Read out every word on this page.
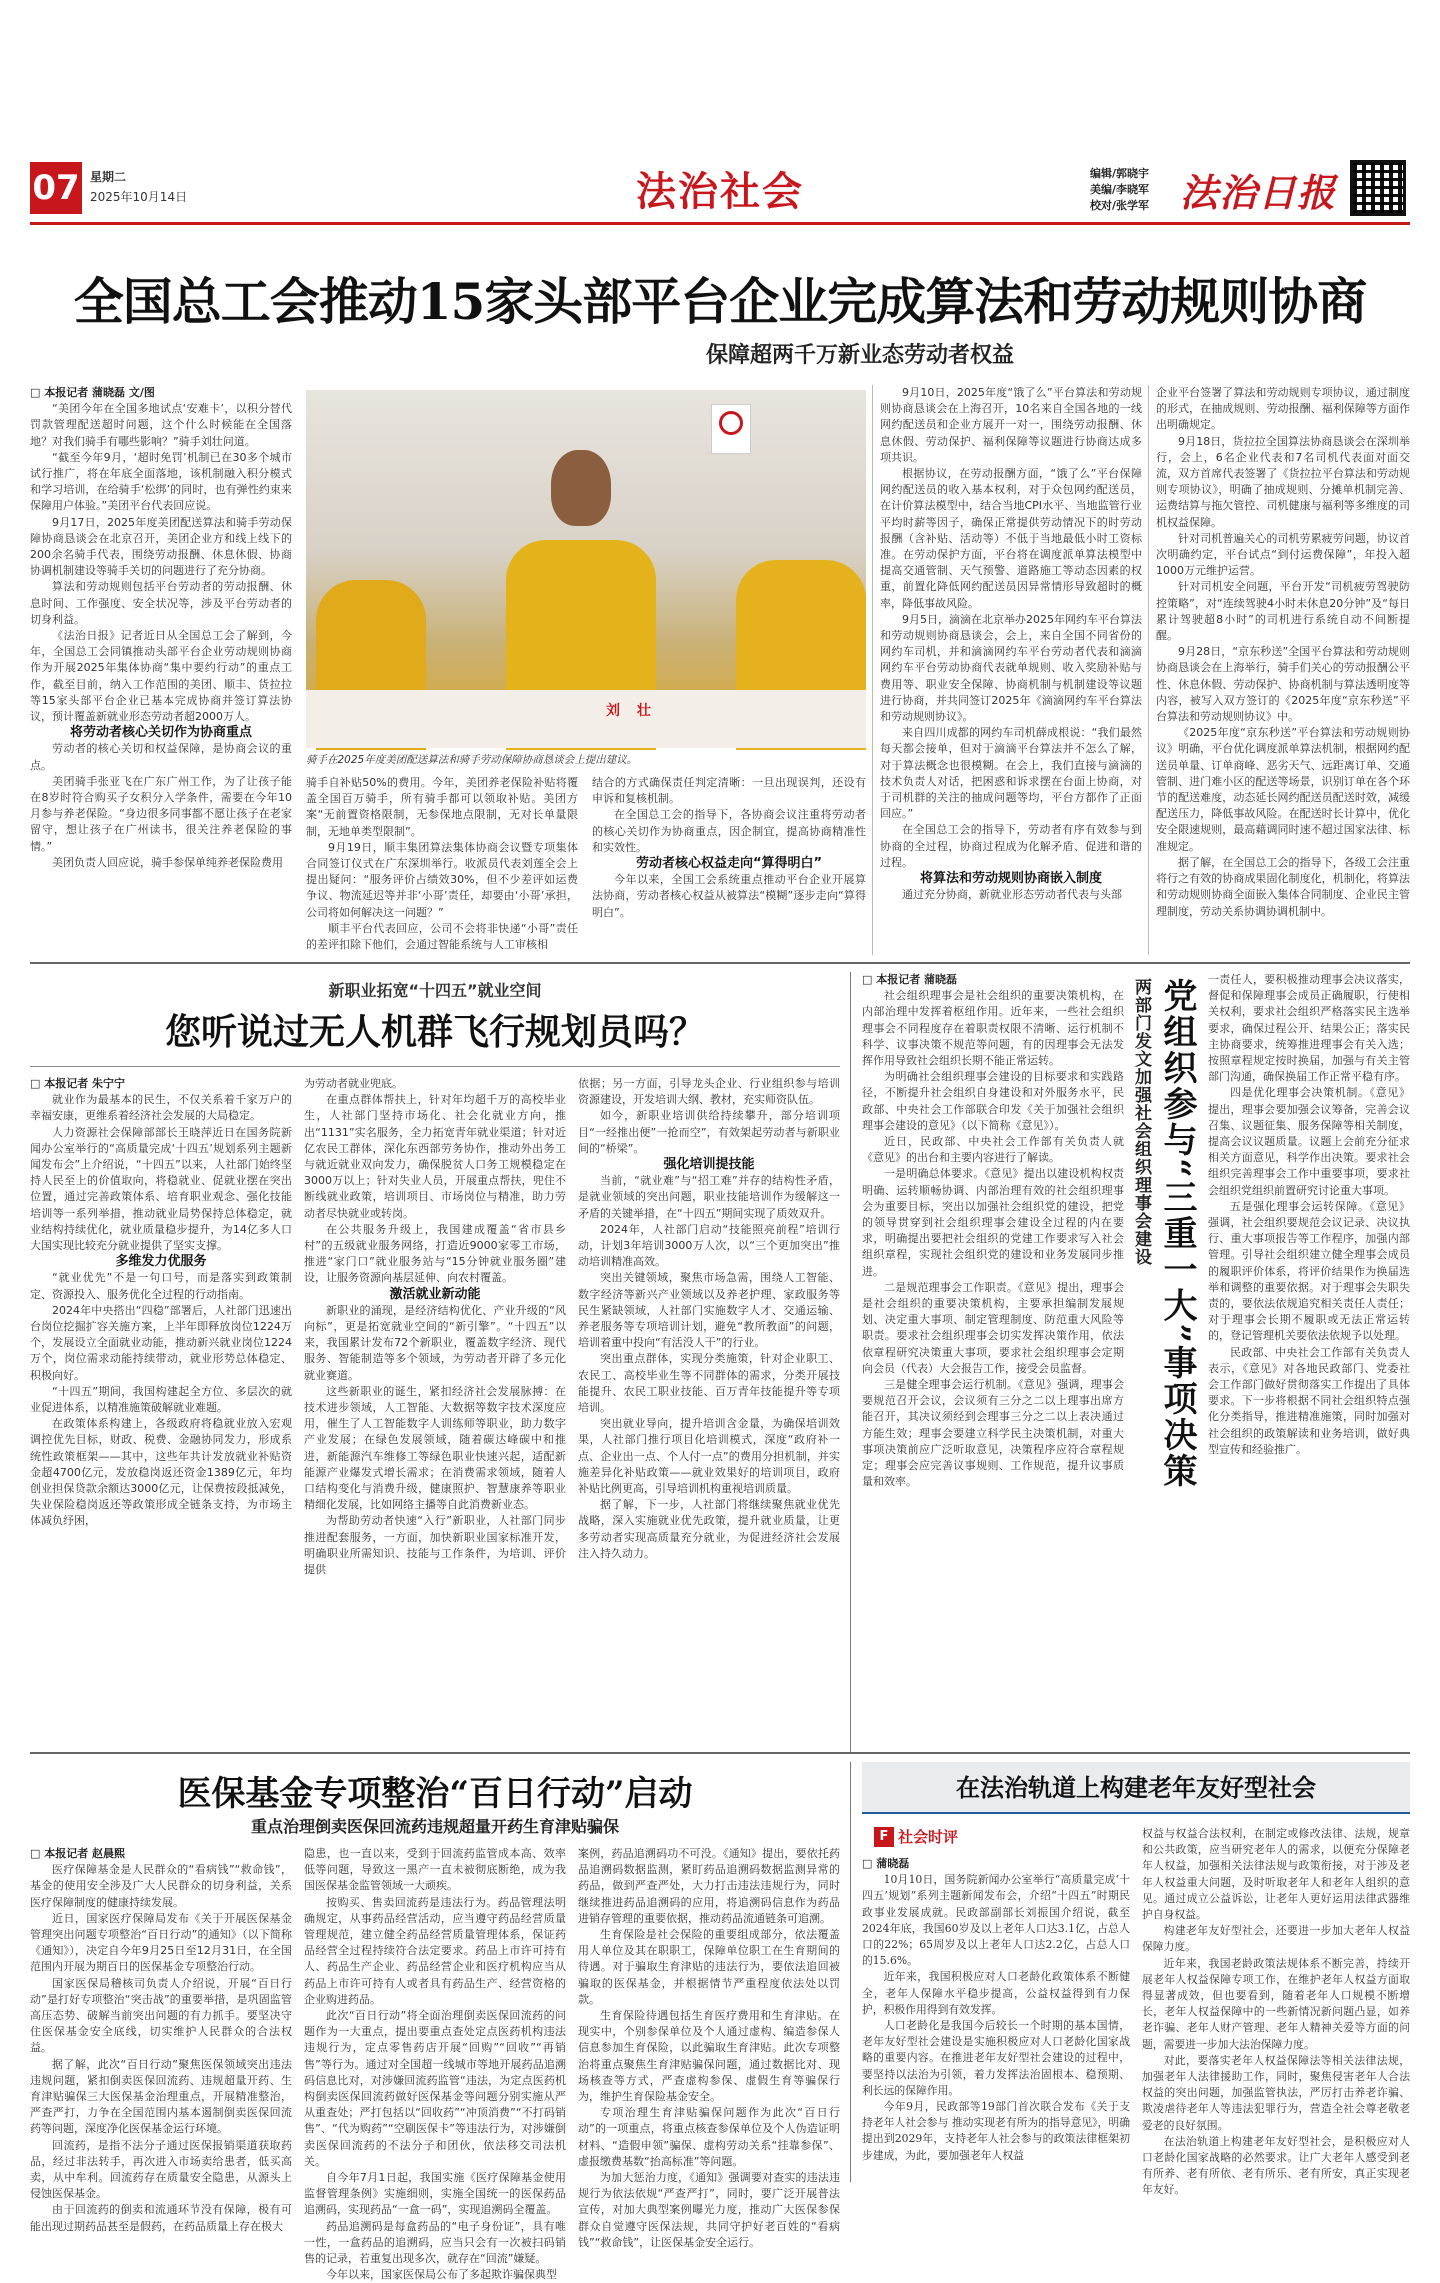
07 星期二
2025年10月14日	法治社会	编辑/郭晓宇
美编/李晓军
校对/张学军 法治日报
全国总工会推动15家头部平台企业完成算法和劳动规则协商
保障超两千万新业态劳动者权益

□ 本报记者 蒲晓磊 文/图

“美团今年在全国多地试点‘安难卡’，以积分替代罚款管理配送超时问题，这个什么时候能在全国落地？对我们骑手有哪些影响？”骑手刘壮问道。

“截至今年9月，‘超时免罚’机制已在30多个城市试行推广，将在年底全面落地，该机制融入积分模式和学习培训，在给骑手‘松绑’的同时，也有弹性约束来保障用户体验。”美团平台代表回应说。

9月17日，2025年度美团配送算法和骑手劳动保障协商恳谈会在北京召开，美团企业方和线上线下的200余名骑手代表，围绕劳动报酬、休息休假、协商协调机制建设等骑手关切的问题进行了充分协商。

算法和劳动规则包括平台劳动者的劳动报酬、休息时间、工作强度、安全状况等，涉及平台劳动者的切身利益。

《法治日报》记者近日从全国总工会了解到，今年，全国总工会同镇推动头部平台企业劳动规则协商作为开展2025年集体协商“集中要约行动”的重点工作，截至目前，纳入工作范围的美团、顺丰、货拉拉等15家头部平台企业已基本完成协商并签订算法协议，预计覆盖新就业形态劳动者超2000万人。

将劳动者核心关切作为协商重点

劳动者的核心关切和权益保障，是协商会议的重点。

美团骑手张亚飞在广东广州工作，为了让孩子能在8岁时符合购买子女积分入学条件，需要在今年10月参与养老保险。“身边很多同事都不愿让孩子在老家留守，想让孩子在广州读书，很关注养老保险的事情。”

美团负责人回应说，骑手参保单纯养老保险费用

刘 壮
骑手在2025年度美团配送算法和骑手劳动保障协商恳谈会上提出建议。

骑手自补贴50%的费用。今年，美团养老保险补贴将覆盖全国百万骑手，所有骑手都可以领取补贴。美团方案“无前置资格限制，无参保地点限制，无对长单量限制，无地单类型限制”。

9月19日，顺丰集团算法集体协商会议暨专项集体合同签订仪式在广东深圳举行。收派员代表刘莲全会上提出疑问：“服务评价占绩效30%，但不少差评如运费争议、物流延迟等并非‘小哥’责任，却要由‘小哥’承担，公司将如何解决这一问题？”

顺丰平台代表回应，公司不会将非快递“小哥”责任的差评扣除下他们，会通过智能系统与人工审核相

结合的方式确保责任判定清晰：一旦出现误判，还设有申诉和复核机制。

在全国总工会的指导下，各协商会议注重将劳动者的核心关切作为协商重点，因企制宜，提高协商精准性和实效性。

劳动者核心权益走向“算得明白”

今年以来，全国工会系统重点推动平台企业开展算法协商，劳动者核心权益从被算法“模糊”逐步走向“算得明白”。

9月10日，2025年度“饿了么”平台算法和劳动规则协商恳谈会在上海召开，10名来自全国各地的一线网约配送员和企业方展开一对一，围绕劳动报酬、休息休假、劳动保护、福利保障等议题进行协商达成多项共识。

根据协议，在劳动报酬方面，“饿了么”平台保障网约配送员的收入基本权利，对于众包网约配送员，在计价算法模型中，结合当地CPI水平、当地监管行业平均时薪等因子，确保正常提供劳动情况下的时劳动报酬（含补贴、活动等）不低于当地最低小时工资标准。在劳动保护方面，平台将在调度派单算法模型中提高交通管制、天气预警、道路施工等动态因素的权重，前置化降低网约配送员因异常情形导致超时的概率，降低事故风险。

9月5日，滴滴在北京举办2025年网约车平台算法和劳动规则协商恳谈会，会上，来自全国不同省份的网约车司机，并和滴滴网约车平台劳动者代表和滴滴网约车平台劳动协商代表就单规则、收入奖励补贴与费用等、职业安全保障、协商机制与机制建设等议题进行协商，并共同签订2025年《滴滴网约车平台算法和劳动规则协议》。

来自四川成都的网约车司机薛成根说：“我们最然每天都会接单，但对于滴滴平台算法并不怎么了解，对于算法概念也很模糊。在会上，我们直接与滴滴的技术负责人对话，把困惑和诉求摆在台面上协商，对于司机群的关注的抽成问题等均，平台方都作了正面回应。”

在全国总工会的指导下，劳动者有序有效参与到协商的全过程，协商过程成为化解矛盾、促进和谐的过程。

将算法和劳动规则协商嵌入制度

通过充分协商，新就业形态劳动者代表与头部

企业平台签署了算法和劳动规则专项协议，通过制度的形式，在抽成规则、劳动报酬、福利保障等方面作出明确规定。

9月18日，货拉拉全国算法协商恳谈会在深圳举行，会上，6名企业代表和7名司机代表面对面交流，双方首席代表签署了《货拉拉平台算法和劳动规则专项协议》，明确了抽成规则、分摊单机制完善、运费结算与拖欠管控、司机健康与福利等多维度的司机权益保障。

针对司机普遍关心的司机劳累疲劳问题，协议首次明确约定，平台试点“到付运费保障”，年投入超1000万元维护运营。

针对司机安全问题，平台开发“司机疲劳驾驶防控策略”，对“连续驾驶4小时未休息20分钟”及“每日累计驾驶超8小时”的司机进行系统自动不间断提醒。

9月28日，“京东秒送”全国平台算法和劳动规则协商恳谈会在上海举行，骑手们关心的劳动报酬公平性、休息休假、劳动保护、协商机制与算法透明度等内容，被写入双方签订的《2025年度“京东秒送”平台算法和劳动规则协议》中。

《2025年度“京东秒送”平台算法和劳动规则协议》明确，平台优化调度派单算法机制，根据网约配送员单量、订单商峰、恶劣天气、远距离订单、交通管制、进门难小区的配送等场景，识别订单在各个环节的配送难度，动态延长网约配送员配送时效，减缓配送压力，降低事故风险。在配送时长计算中，优化安全限速规则，最高藉调同时速不超过国家法律、标准规定。

据了解，在全国总工会的指导下，各级工会注重将行之有效的协商成果固化制度化，机制化，将算法和劳动规则协商全面嵌入集体合同制度、企业民主管理制度，劳动关系协调协调机制中。

新职业拓宽“十四五”就业空间
您听说过无人机群飞行规划员吗？

□ 本报记者 朱宁宁

就业作为最基本的民生，不仅关系着千家万户的幸福安康，更维系着经济社会发展的大局稳定。

人力资源社会保障部部长王晓萍近日在国务院新闻办公室举行的“高质量完成‘十四五’规划系列主题新闻发布会”上介绍说，“十四五”以来，人社部门始终坚持人民至上的价值取向，将稳就业、促就业摆在突出位置，通过完善政策体系、培育职业观念、强化技能培训等一系列举措，推动就业局势保持总体稳定，就业结构持续优化，就业质量稳步提升，为14亿多人口大国实现比较充分就业提供了坚实支撑。

多维发力优服务

“就业优先”不是一句口号，而是落实到政策制定、资源投入、服务优化全过程的行动指南。

2024年中央搭出“四稳”部署后，人社部门迅速出台岗位挖掘扩容关施方案，上半年即释放岗位1224万个，发展设立全面就业动能，推动新兴就业岗位1224万个，岗位需求动能持续带动，就业形势总体稳定、积极向好。

“十四五”期间，我国构建起全方位、多层次的就业促进体系，以精准施策破解就业难题。

在政策体系构建上，各级政府将稳就业放入宏观调控优先目标，财政、税费、金融协同发力，形成系统性政策框架——其中，这些年共计发放就业补贴资金超4700亿元，发放稳岗返还资金1389亿元，年均创业担保贷款余额达3000亿元，让保费按段抵减免，失业保险稳岗返还等政策形成全链条支持，为市场主体减负纾困，

为劳动者就业兜底。

在重点群体帮扶上，针对年均超千万的高校毕业生，人社部门坚持市场化、社会化就业方向，推出“1131”实名服务，全力拓宽青年就业渠道；针对近亿农民工群体，深化东西部劳务协作，推动外出务工与就近就业双向发力，确保脱贫人口务工规模稳定在3000万以上；针对失业人员，开展重点帮扶，兜住不断线就业政策，培训项目、市场岗位与精准，助力劳动者尽快就业或转岗。

在公共服务升级上，我国建成覆盖“省市县乡村”的五级就业服务网络，打造近9000家零工市场，推进“家门口”就业服务站与“15分钟就业服务圈”建设，让服务资源向基层延伸、向农村覆盖。

激活就业新动能

新职业的涌现，是经济结构优化、产业升级的“风向标”，更是拓宽就业空间的“新引擎”。“十四五”以来，我国累计发布72个新职业，覆盖数字经济、现代服务、智能制造等多个领域，为劳动者开辟了多元化就业赛道。

这些新职业的诞生，紧扣经济社会发展脉搏：在技术进步领域，人工智能、大数据等数字技术深度应用，催生了人工智能数字人训练师等职业，助力数字产业发展；在绿色发展领域，随着碳达峰碳中和推进，新能源汽车维修工等绿色职业快速兴起，适配新能源产业爆发式增长需求；在消费需求领域，随着人口结构变化与消费升级，健康照护、智慧康养等职业精细化发展，比如网络主播等自此消费新业态。

为帮助劳动者快速“入行”新职业，人社部门同步推进配套服务，一方面，加快新职业国家标准开发，明确职业所需知识、技能与工作条件，为培训、评价提供

依据；另一方面，引导龙头企业、行业组织参与培训资源建设，开发培训大纲、教材，充实师资队伍。

如今，新职业培训供给持续攀升，部分培训项目“一经推出便”一抢而空”，有效架起劳动者与新职业间的“桥梁”。

强化培训提技能

当前，“就业难”与“招工难”并存的结构性矛盾，是就业领域的突出问题，职业技能培训作为缓解这一矛盾的关键举措，在“十四五”期间实现了质效双升。

2024年，人社部门启动“技能照亮前程”培训行动，计划3年培训3000万人次，以“三个更加突出”推动培训精准高效。

突出关键领域，聚焦市场急需，围绕人工智能、数字经济等新兴产业领域以及养老护理、家政服务等民生紧缺领域，人社部门实施数字人才、交通运输、养老服务等专项培训计划，避免“教所教面”的问题，培训着重中投向“有活没人干”的行业。

突出重点群体，实现分类施策，针对企业职工、农民工、高校毕业生等不同群体的需求，分类开展技能提升、农民工职业技能、百万青年技能提升等专项培训。

突出就业导向，提升培训含金量，为确保培训效果，人社部门推行项目化培训模式，深度“政府补一点、企业出一点、个人付一点”的费用分担机制，并实施差异化补贴政策——就业效果好的培训项目，政府补贴比例更高，引导培训机构重视培训质量。

据了解，下一步，人社部门将继续聚焦就业优先战略，深入实施就业优先政策，提升就业质量，让更多劳动者实现高质量充分就业，为促进经济社会发展注入持久动力。

□ 本报记者 蒲晓磊

社会组织理事会是社会组织的重要决策机构，在内部治理中发挥着枢纽作用。近年来，一些社会组织理事会不同程度存在着职责权限不清晰、运行机制不科学、议事决策不规范等问题，有的因理事会无法发挥作用导致社会组织长期不能正常运转。

为明确社会组织理事会建设的目标要求和实践路径，不断提升社会组织自身建设和对外服务水平，民政部、中央社会工作部联合印发《关于加强社会组织理事会建设的意见》（以下简称《意见》）。

近日，民政部、中央社会工作部有关负责人就《意见》的出台和主要内容进行了解读。

一是明确总体要求。《意见》提出以建设机构权责明确、运转顺畅协调、内部治理有效的社会组织理事会为重要目标，突出以加强社会组织党的建设，把党的领导贯穿到社会组织理事会建设全过程的内在要求，明确提出要把社会组织的党建工作要求写入社会组织章程，实现社会组织党的建设和业务发展同步推进。

二是规范理事会工作职责。《意见》提出，理事会是社会组织的重要决策机构，主要承担编制发展规划、决定重大事项、制定管理制度、防范重大风险等职责。要求社会组织理事会切实发挥决策作用，依法依章程研究决策重大事项，要求社会组织理事会定期向会员（代表）大会报告工作，接受会员监督。

三是健全理事会运行机制。《意见》强调，理事会要规范召开会议，会议须有三分之二以上理事出席方能召开，其决议须经到会理事三分之二以上表决通过方能生效；理事会要建立科学民主决策机制，对重大事项决策前应广泛听取意见，决策程序应符合章程规定；理事会应完善议事规则、工作规范，提升议事质量和效率。

两部门发文加强社会组织理事会建设 党组织参与“三重一大”事项决策	一责任人，要积极推动理事会决议落实，督促和保障理事会成员正确履职，行使相关权利，要求社会组织严格落实民主选举要求，确保过程公开、结果公正；落实民主协商要求，统筹推进理事会有关入选；按照章程规定按时换届，加强与有关主管部门沟通，确保换届工作正常平稳有序。

四是优化理事会决策机制。《意见》提出，理事会要加强会议筹备，完善会议召集、议题征集、服务保障等相关制度，提高会议议题质量。议题上会前充分征求相关方面意见，科学作出决策。要求社会组织完善理事会工作中重要事项，要求社会组织党组织前置研究讨论重大事项。

五是强化理事会运转保障。《意见》强调，社会组织要规范会议记录、决议执行、重大事项报告等工作程序，加强内部管理。引导社会组织建立健全理事会成员的履职评价体系，将评价结果作为换届选举和调整的重要依据。对于理事会失职失责的，要依法依规追究相关责任人责任；对于理事会长期不履职或无法正常运转的，登记管理机关要依法依规予以处理。

民政部、中央社会工作部有关负责人表示，《意见》对各地民政部门、党委社会工作部门做好贯彻落实工作提出了具体要求。下一步将根据不同社会组织特点强化分类指导，推进精准施策，同时加强对社会组织的政策解读和业务培训，做好典型宣传和经验推广。

医保基金专项整治“百日行动”启动
重点治理倒卖医保回流药违规超量开药生育津贴骗保

□ 本报记者 赵晨熙

医疗保障基金是人民群众的“看病钱”“救命钱”，基金的使用安全涉及广大人民群众的切身利益，关系医疗保障制度的健康持续发展。

近日，国家医疗保障局发布《关于开展医保基金管理突出问题专项整治“百日行动”的通知》（以下简称《通知》），决定自今年9月25日至12月31日，在全国范围内开展为期百日的医保基金专项整治行动。

国家医保局稽核司负责人介绍说，开展“百日行动”是打好专项整治“突击战”的重要举措，是巩固监管高压态势、破解当前突出问题的有力抓手。要坚决守住医保基金安全底线，切实维护人民群众的合法权益。

据了解，此次“百日行动”聚焦医保领域突出违法违规问题，紧扣倒卖医保回流药、违规超量开药、生育津贴骗保三大医保基金治理重点，开展精准整治，严查严打，力争在全国范围内基本遏制倒卖医保回流药等问题，深度净化医保基金运行环境。

回流药，是指不法分子通过医保报销渠道获取药品，经过非法转手，再次进入市场卖给患者，低买高卖，从中牟利。回流药存在质量安全隐患，从源头上侵蚀医保基金。

由于回流药的倒卖和流通环节没有保障，极有可能出现过期药品甚至是假药，在药品质量上存在极大

隐患，也一直以来，受到于回流药监管成本高、效率低等问题，导致这一黑产一直未被彻底断绝，成为我国医保基金监管领域一大顽疾。

按购买、售卖回流药是违法行为。药品管理法明确规定，从事药品经营活动，应当遵守药品经营质量管理规范，建立健全药品经营质量管理体系，保证药品经营全过程持续符合法定要求。药品上市许可持有人、药品生产企业、药品经营企业和医疗机构应当从药品上市许可持有人或者具有药品生产、经营资格的企业购进药品。

此次“百日行动”将全面治理倒卖医保回流药的问题作为一大重点，提出要重点查处定点医药机构违法违规行为，定点零售药店开展“回购”“回收”“再销售”等行为。通过对全国超一线城市等地开展药品追溯码信息比对，对涉嫌回流药监管“违法，为定点医药机构倒卖医保回流药做好医保基金等问题分别实施从严从重查处；严打包括以“回收药”“冲顶消费”“不打码销售”、“代为购药”“空刷医保卡”等违法行为，对涉嫌倒卖医保回流药的不法分子和团伙，依法移交司法机关。

自今年7月1日起，我国实施《医疗保障基金使用监督管理条例》实施细则，实施全国统一的医保药品追溯码，实现药品“一盒一码”，实现追溯码全覆盖。

药品追溯码是每盒药品的“电子身份证”，具有唯一性，一盒药品的追溯码，应当只会有一次被扫码销售的记录，若重复出现多次，就存在“回流”嫌疑。

今年以来，国家医保局公布了多起欺诈骗保典型

案例，药品追溯码功不可没。《通知》提出，要依托药品追溯码数据监测，紧盯药品追溯码数据监测异常的药品，做到严查严处，大力打击违法违规行为，同时继续推进药品追溯码的应用，将追溯码信息作为药品进销存管理的重要依据，推动药品流通链条可追溯。

生育保险是社会保险的重要组成部分，依法覆盖用人单位及其在职职工，保障单位职工在生育期间的待遇。对于骗取生育津贴的违法行为，要依法追回被骗取的医保基金，并根据情节严重程度依法处以罚款。

生育保险待遇包括生育医疗费用和生育津贴。在现实中，个别参保单位及个人通过虚构、编造参保人信息参加生育保险，以此骗取生育津贴。此次专项整治将重点聚焦生育津贴骗保问题，通过数据比对、现场核查等方式，严查虚构参保、虚假生育等骗保行为，维护生育保险基金安全。

专项治理生育津贴骗保问题作为此次“百日行动”的一项重点，将重点核查参保单位及个人伪造证明材料、“造假申领”骗保、虚构劳动关系“挂靠参保”、虚报缴费基数“抬高标准”等问题。

为加大惩治力度，《通知》强调要对查实的违法违规行为依法依规“严查严打”，同时，要广泛开展普法宣传，对加大典型案例曝光力度，推动广大医保参保群众自觉遵守医保法规，共同守护好老百姓的“看病钱”“救命钱”，让医保基金安全运行。

在法治轨道上构建老年友好型社会
F 社会时评

□ 蒲晓磊

10月10日，国务院新闻办公室举行“高质量完成‘十四五’规划”系列主题新闻发布会，介绍“十四五”时期民政事业发展成就。民政部副部长刘振国介绍说，截至2024年底，我国60岁及以上老年人口达3.1亿，占总人口的22%；65周岁及以上老年人口达2.2亿，占总人口的15.6%。

近年来，我国积极应对人口老龄化政策体系不断健全，老年人保障水平稳步提高，公益权益得到有力保护，积极作用得到有效发挥。

人口老龄化是我国今后较长一个时期的基本国情，老年友好型社会建设是实施积极应对人口老龄化国家战略的重要内容。在推进老年友好型社会建设的过程中，要坚持以法治为引领，着力发挥法治固根本、稳预期、利长远的保障作用。

今年9月，民政部等19部门首次联合发布《关于支持老年人社会参与 推动实现老有所为的指导意见》，明确提出到2029年，支持老年人社会参与的政策法律框架初步建成，为此，要加强老年人权益

权益与权益合法权利，在制定或修改法律、法规，规章和公共政策，应当研究老年人的需求，以便充分保障老年人权益，加强相关法律法规与政策衔接，对于涉及老年人权益重大问题，及时听取老年人和老年人组织的意见。通过成立公益诉讼，让老年人更好运用法律武器维护自身权益。

构建老年友好型社会，还要进一步加大老年人权益保障力度。

近年来，我国老龄政策法规体系不断完善，持续开展老年人权益保障专项工作，在维护老年人权益方面取得显著成效，但也要看到，随着老年人口规模不断增长，老年人权益保障中的一些新情况新问题凸显，如养老诈骗、老年人财产管理、老年人精神关爱等方面的问题，需要进一步加大法治保障力度。

对此，要落实老年人权益保障法等相关法律法规，加强老年人法律援助工作，同时，聚焦侵害老年人合法权益的突出问题，加强监管执法，严厉打击养老诈骗、欺凌虐待老年人等违法犯罪行为，营造全社会尊老敬老爱老的良好氛围。

在法治轨道上构建老年友好型社会，是积极应对人口老龄化国家战略的必然要求。让广大老年人感受到老有所养、老有所依、老有所乐、老有所安，真正实现老年友好。
